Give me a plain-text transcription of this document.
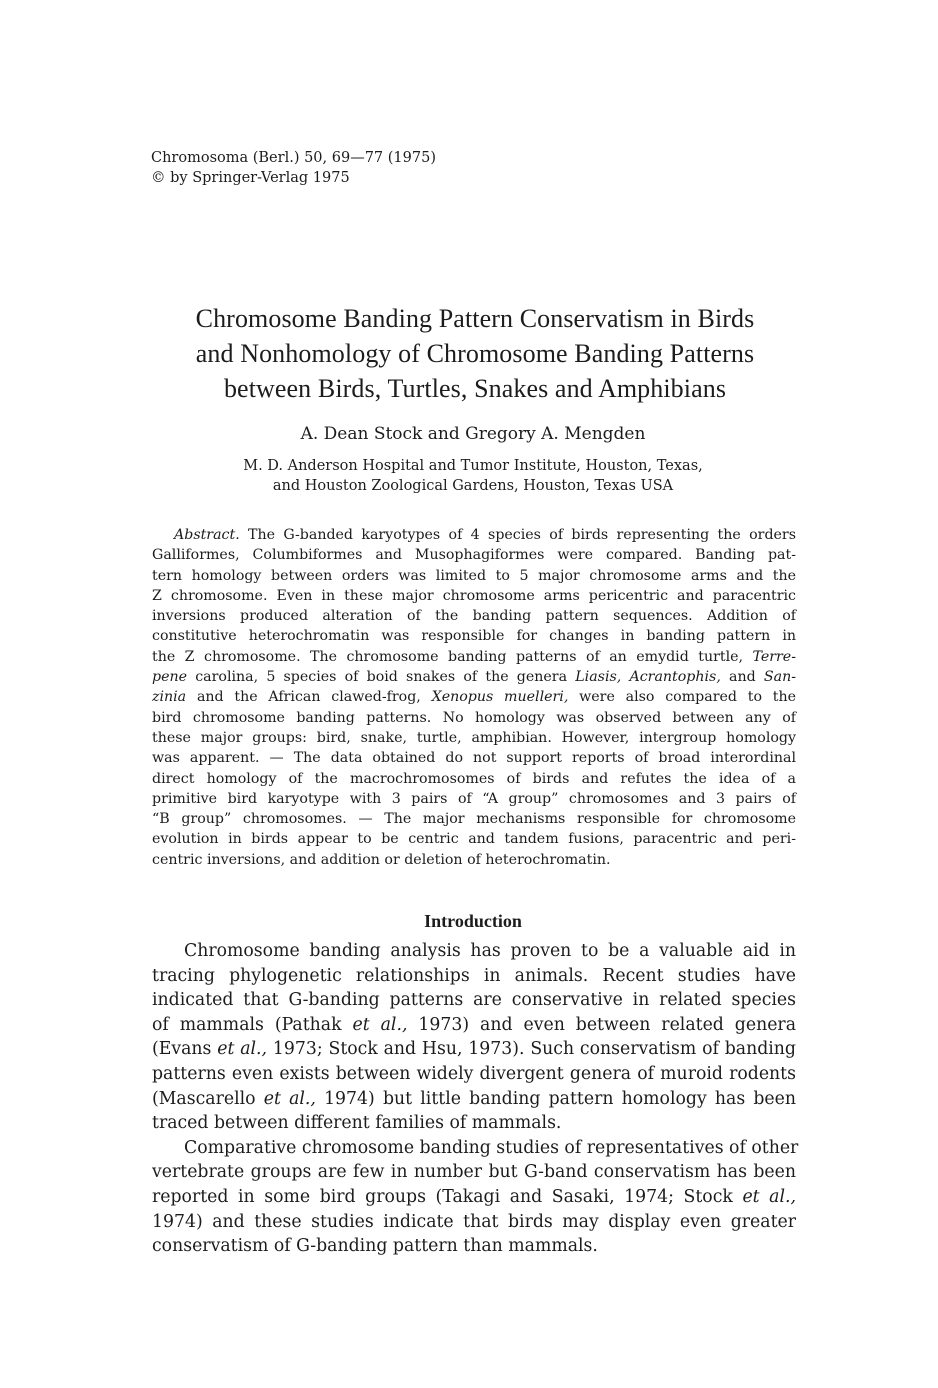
Chromosoma (Berl.) 50, 69—77 (1975)
© by Springer-Verlag 1975
Chromosome Banding Pattern Conservatism in Birds
and Nonhomology of Chromosome Banding Patterns
between Birds, Turtles, Snakes and Amphibians
A. Dean Stock and Gregory A. Mengden
M. D. Anderson Hospital and Tumor Institute, Houston, Texas,
and Houston Zoological Gardens, Houston, Texas USA
Abstract. The G-banded karyotypes of 4 species of birds representing the orders
Galliformes, Columbiformes and Musophagiformes were compared. Banding pat-
tern homology between orders was limited to 5 major chromosome arms and the
Z chromosome. Even in these major chromosome arms pericentric and paracentric
inversions produced alteration of the banding pattern sequences. Addition of
constitutive heterochromatin was responsible for changes in banding pattern in
the Z chromosome. The chromosome banding patterns of an emydid turtle, Terre-
pene carolina, 5 species of boid snakes of the genera Liasis, Acrantophis, and San-
zinia and the African clawed-frog, Xenopus muelleri, were also compared to the
bird chromosome banding patterns. No homology was observed between any of
these major groups: bird, snake, turtle, amphibian. However, intergroup homology
was apparent. — The data obtained do not support reports of broad interordinal
direct homology of the macrochromosomes of birds and refutes the idea of a
primitive bird karyotype with 3 pairs of “A group” chromosomes and 3 pairs of
“B group” chromosomes. — The major mechanisms responsible for chromosome
evolution in birds appear to be centric and tandem fusions, paracentric and peri-
centric inversions, and addition or deletion of heterochromatin.
Introduction
Chromosome banding analysis has proven to be a valuable aid in
tracing phylogenetic relationships in animals. Recent studies have
indicated that G-banding patterns are conservative in related species
of mammals (Pathak et al., 1973) and even between related genera
(Evans et al., 1973; Stock and Hsu, 1973). Such conservatism of banding
patterns even exists between widely divergent genera of muroid rodents
(Mascarello et al., 1974) but little banding pattern homology has been
traced between different families of mammals.
Comparative chromosome banding studies of representatives of other
vertebrate groups are few in number but G-band conservatism has been
reported in some bird groups (Takagi and Sasaki, 1974; Stock et al.,
1974) and these studies indicate that birds may display even greater
conservatism of G-banding pattern than mammals.
